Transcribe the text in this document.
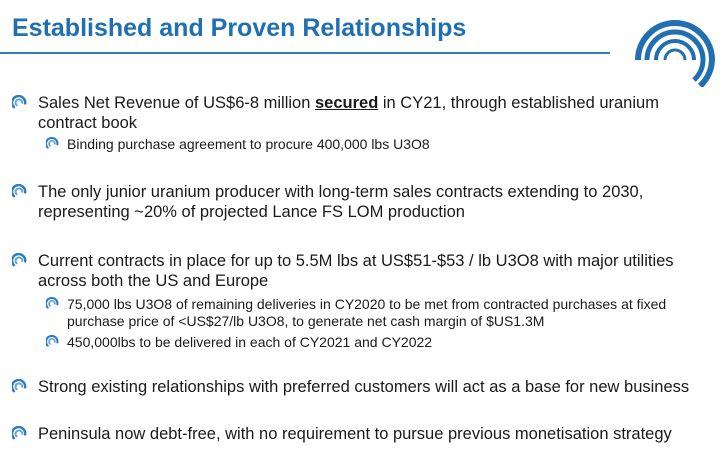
Established and Proven Relationships
Sales Net Revenue of US$6-8 million secured in CY21, through established uranium contract book
Binding purchase agreement to procure 400,000 lbs U3O8
The only junior uranium producer with long-term sales contracts extending to 2030, representing ~20% of projected Lance FS LOM production
Current contracts in place for up to 5.5M lbs at US$51-$53 / lb U3O8 with major utilities across both the US and Europe
75,000 lbs U3O8 of remaining deliveries in CY2020 to be met from contracted purchases at fixed purchase price of <US$27/lb U3O8, to generate net cash margin of $US1.3M
450,000lbs to be delivered in each of CY2021 and CY2022
Strong existing relationships with preferred customers will act as a base for new business
Peninsula now debt-free, with no requirement to pursue previous monetisation strategy
